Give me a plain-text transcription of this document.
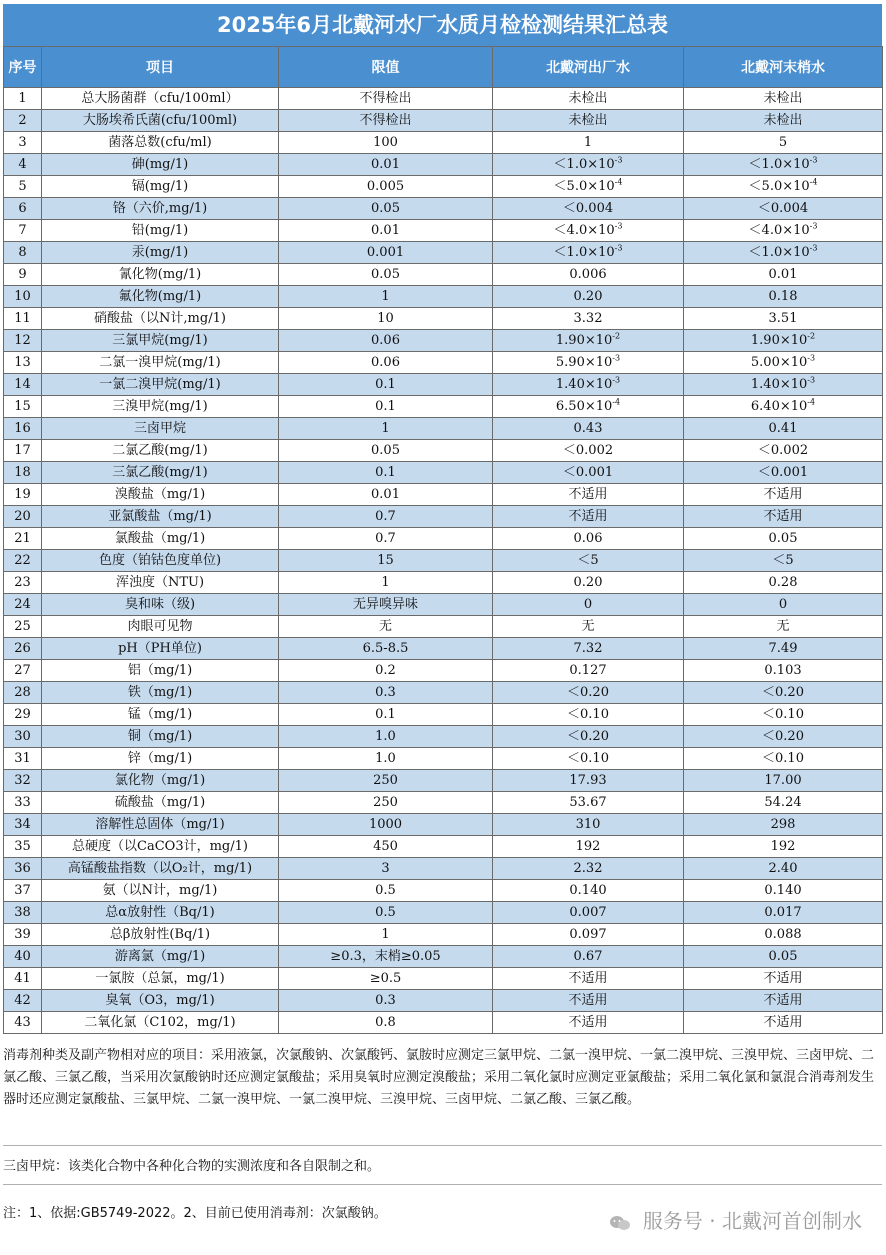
2025年6月北戴河水厂水质月检检测结果汇总表
序号	项目	限值	北戴河出厂水	北戴河末梢水
1	总大肠菌群（cfu/100ml）	不得检出	未检出	未检出
2	大肠埃希氏菌(cfu/100ml)	不得检出	未检出	未检出
3	菌落总数(cfu/ml)	100	1	5
4	砷(mg/1)	0.01	$<1.0\times 10^{-3}$	$<1.0\times 10^{-3}$
5	镉(mg/1)	0.005	$<5.0\times 10^{-4}$	$<5.0\times 10^{-4}$
6	铬（六价,mg/1)	0.05	＜0.004	＜0.004
7	铅(mg/1)	0.01	$<4.0\times 10^{-3}$	$<4.0\times 10^{-3}$
8	汞(mg/1)	0.001	$<1.0\times 10^{-3}$	$<1.0\times 10^{-3}$
9	氰化物(mg/1)	0.05	0.006	0.01
10	氟化物(mg/1)	1	0.20	0.18
11	硝酸盐（以N计,mg/1)	10	3.32	3.51
12	三氯甲烷(mg/1)	0.06	$1.90\times 10^{-2}$	$1.90\times 10^{-2}$
13	二氯一溴甲烷(mg/1)	0.06	$5.90\times 10^{-3}$	$5.00\times 10^{-3}$
14	一氯二溴甲烷(mg/1)	0.1	$1.40\times 10^{-3}$	$1.40\times 10^{-3}$
15	三溴甲烷(mg/1)	0.1	$6.50\times 10^{-4}$	$6.40\times 10^{-4}$
16	三卤甲烷	1	0.43	0.41
17	二氯乙酸(mg/1)	0.05	＜0.002	＜0.002
18	三氯乙酸(mg/1)	0.1	＜0.001	＜0.001
19	溴酸盐（mg/1)	0.01	不适用	不适用
20	亚氯酸盐（mg/1)	0.7	不适用	不适用
21	氯酸盐（mg/1)	0.7	0.06	0.05
22	色度（铂钴色度单位)	15	＜5	＜5
23	浑浊度（NTU)	1	0.20	0.28
24	臭和味（级)	无异嗅异味	0	0
25	肉眼可见物	无	无	无
26	pH（PH单位)	6.5-8.5	7.32	7.49
27	铝（mg/1)	0.2	0.127	0.103
28	铁（mg/1)	0.3	＜0.20	＜0.20
29	锰（mg/1)	0.1	＜0.10	＜0.10
30	铜（mg/1)	1.0	＜0.20	＜0.20
31	锌（mg/1)	1.0	＜0.10	＜0.10
32	氯化物（mg/1)	250	17.93	17.00
33	硫酸盐（mg/1)	250	53.67	54.24
34	溶解性总固体（mg/1)	1000	310	298
35	总硬度（以CaCO3计，mg/1)	450	192	192
36	高锰酸盐指数（以O₂计，mg/1)	3	2.32	2.40
37	氨（以N计，mg/1)	0.5	0.140	0.140
38	总α放射性（Bq/1)	0.5	0.007	0.017
39	总β放射性(Bq/1)	1	0.097	0.088
40	游离氯（mg/1)	≥0.3，末梢≥0.05	0.67	0.05
41	一氯胺（总氯，mg/1)	≥0.5	不适用	不适用
42	臭氧（O3，mg/1)	0.3	不适用	不适用
43	二氧化氯（C102，mg/1)	0.8	不适用	不适用
消毒剂种类及副产物相对应的项目：采用液氯，次氯酸钠、次氯酸钙、氯胺时应测定三氯甲烷、二氯一溴甲烷、一氯二溴甲烷、三溴甲烷、三卤甲烷、二氯乙酸、三氯乙酸，当采用次氯酸钠时还应测定氯酸盐；采用臭氧时应测定溴酸盐；采用二氧化氯时应测定亚氯酸盐；采用二氧化氯和氯混合消毒剂发生器时还应测定氯酸盐、三氯甲烷、二氯一溴甲烷、一氯二溴甲烷、三溴甲烷、三卤甲烷、二氯乙酸、三氯乙酸。
三卤甲烷：该类化合物中各种化合物的实测浓度和各自限制之和。
注：1、依据:GB5749-2022。2、目前已使用消毒剂：次氯酸钠。	服务号 · 北戴河首创制水
